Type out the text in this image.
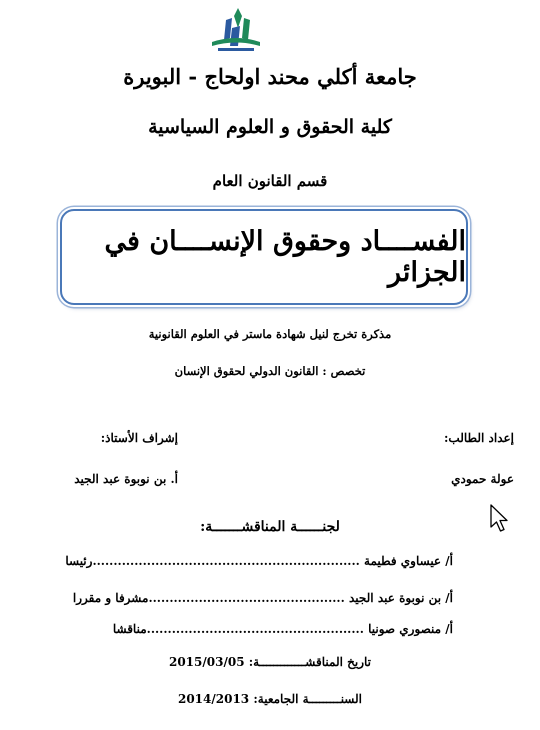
جامعة أكلي محند اولحاج - البويرة
كلية الحقوق و العلوم السياسية
قسم القانون العام
الفســــاد وحقوق الإنســــان في الجزائر
مذكرة تخرج لنيل شهادة ماستر في العلوم القانونية
تخصص : القانون الدولي لحقوق الإنسان
إعداد الطالب:
إشراف الأستاذ:
عولة حمودي
أ. بن نوبوة عبد الجيد
لجنــــــة المناقشـــــــة:
أ/ عيساوي فطيمة ................................................................رئيسا
أ/ بن نوبوة عبد الجيد ...............................................مشرفا و مقررا
أ/ منصوري صونيا ....................................................مناقشا
تاريخ المناقشـــــــــــــة: 2015/03/05
السنـــــــــة الجامعية: 2014/2013
